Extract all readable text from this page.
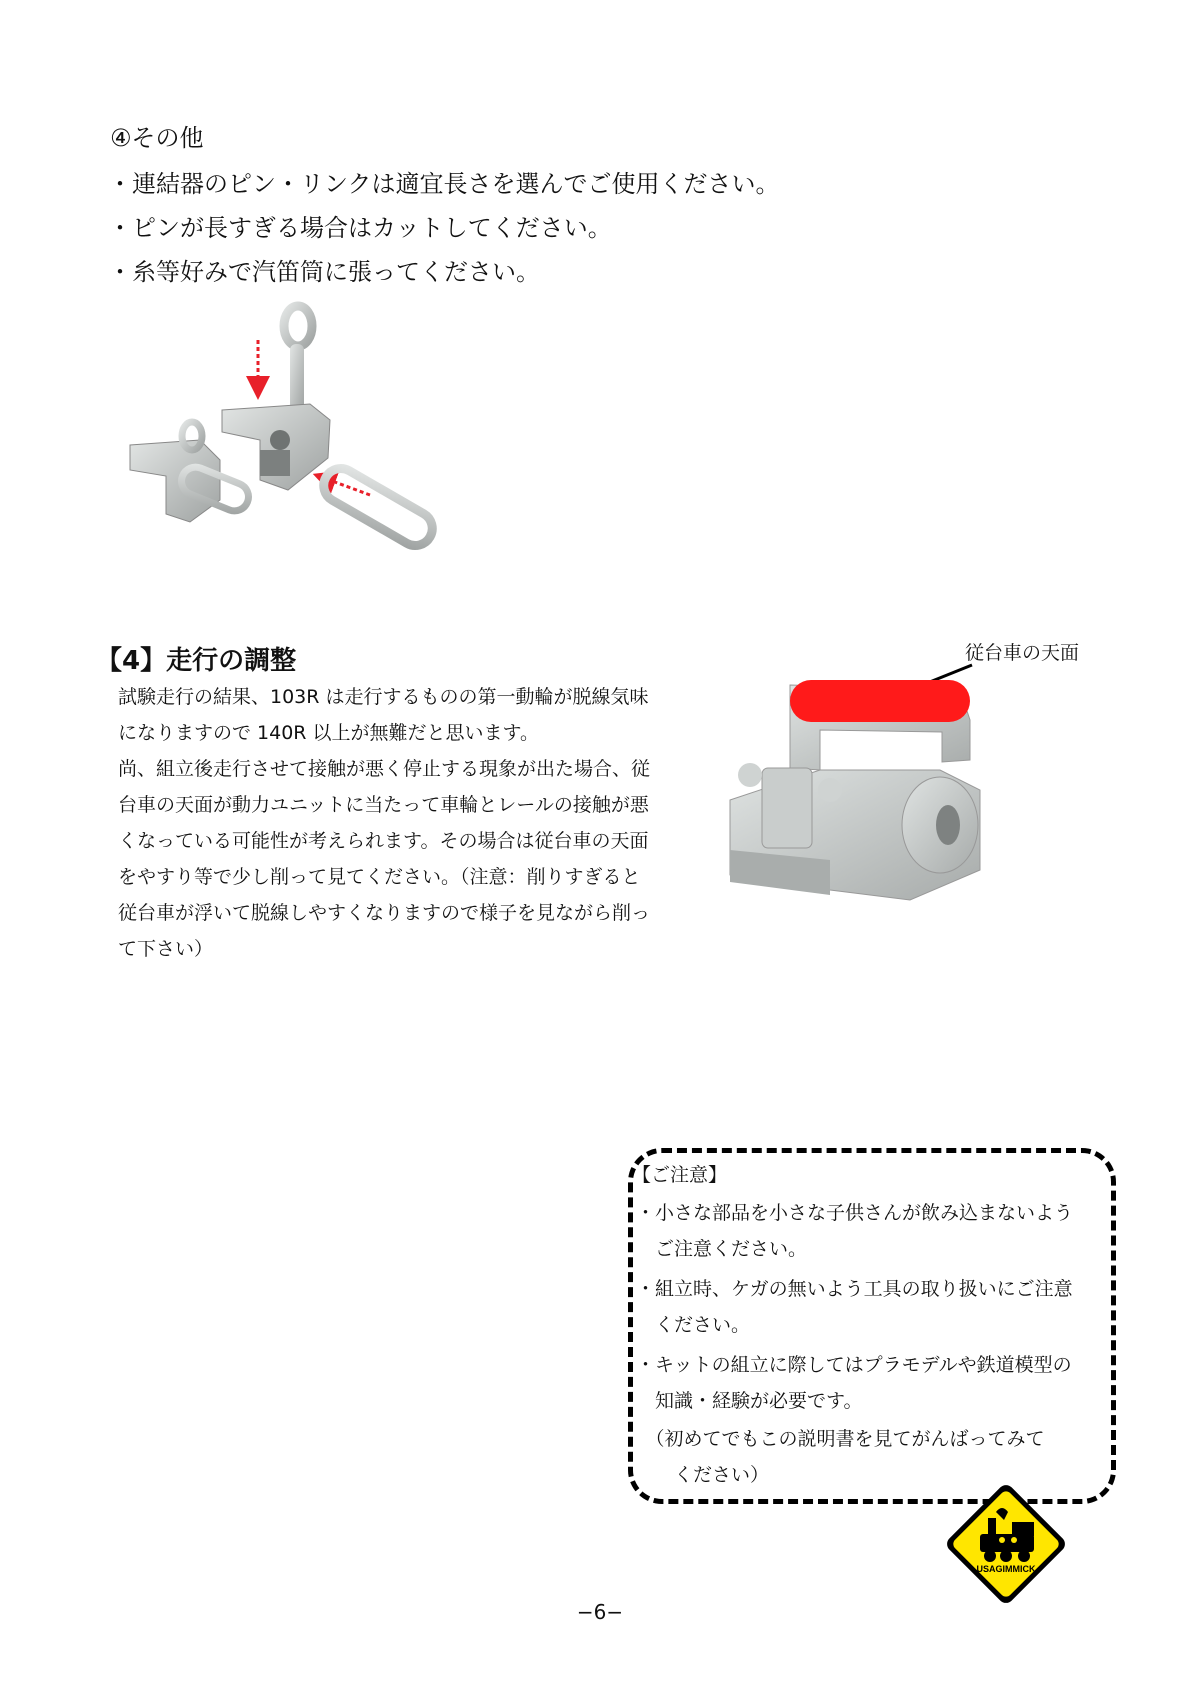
④その他
・連結器のピン・リンクは適宜長さを選んでご使用ください。
・ピンが長すぎる場合はカットしてください。
・糸等好みで汽笛筒に張ってください。
【4】走行の調整
試験走行の結果、103R は走行するものの第一動輪が脱線気味
になりますので 140R 以上が無難だと思います。
尚、組立後走行させて接触が悪く停止する現象が出た場合、従
台車の天面が動力ユニットに当たって車輪とレールの接触が悪
くなっている可能性が考えられます。その場合は従台車の天面
をやすり等で少し削って見てください。（注意：削りすぎると
従台車が浮いて脱線しやすくなりますので様子を見ながら削っ
て下さい）
従台車の天面
【ご注意】
・小さな部品を小さな子供さんが飲み込まないよう
　ご注意ください。
・組立時、ケガの無いよう工具の取り扱いにご注意
　ください。
・キットの組立に際してはプラモデルや鉄道模型の
　知識・経験が必要です。
　（初めてでもこの説明書を見てがんばってみて
　　ください）
USAGIMMICK
−6−
